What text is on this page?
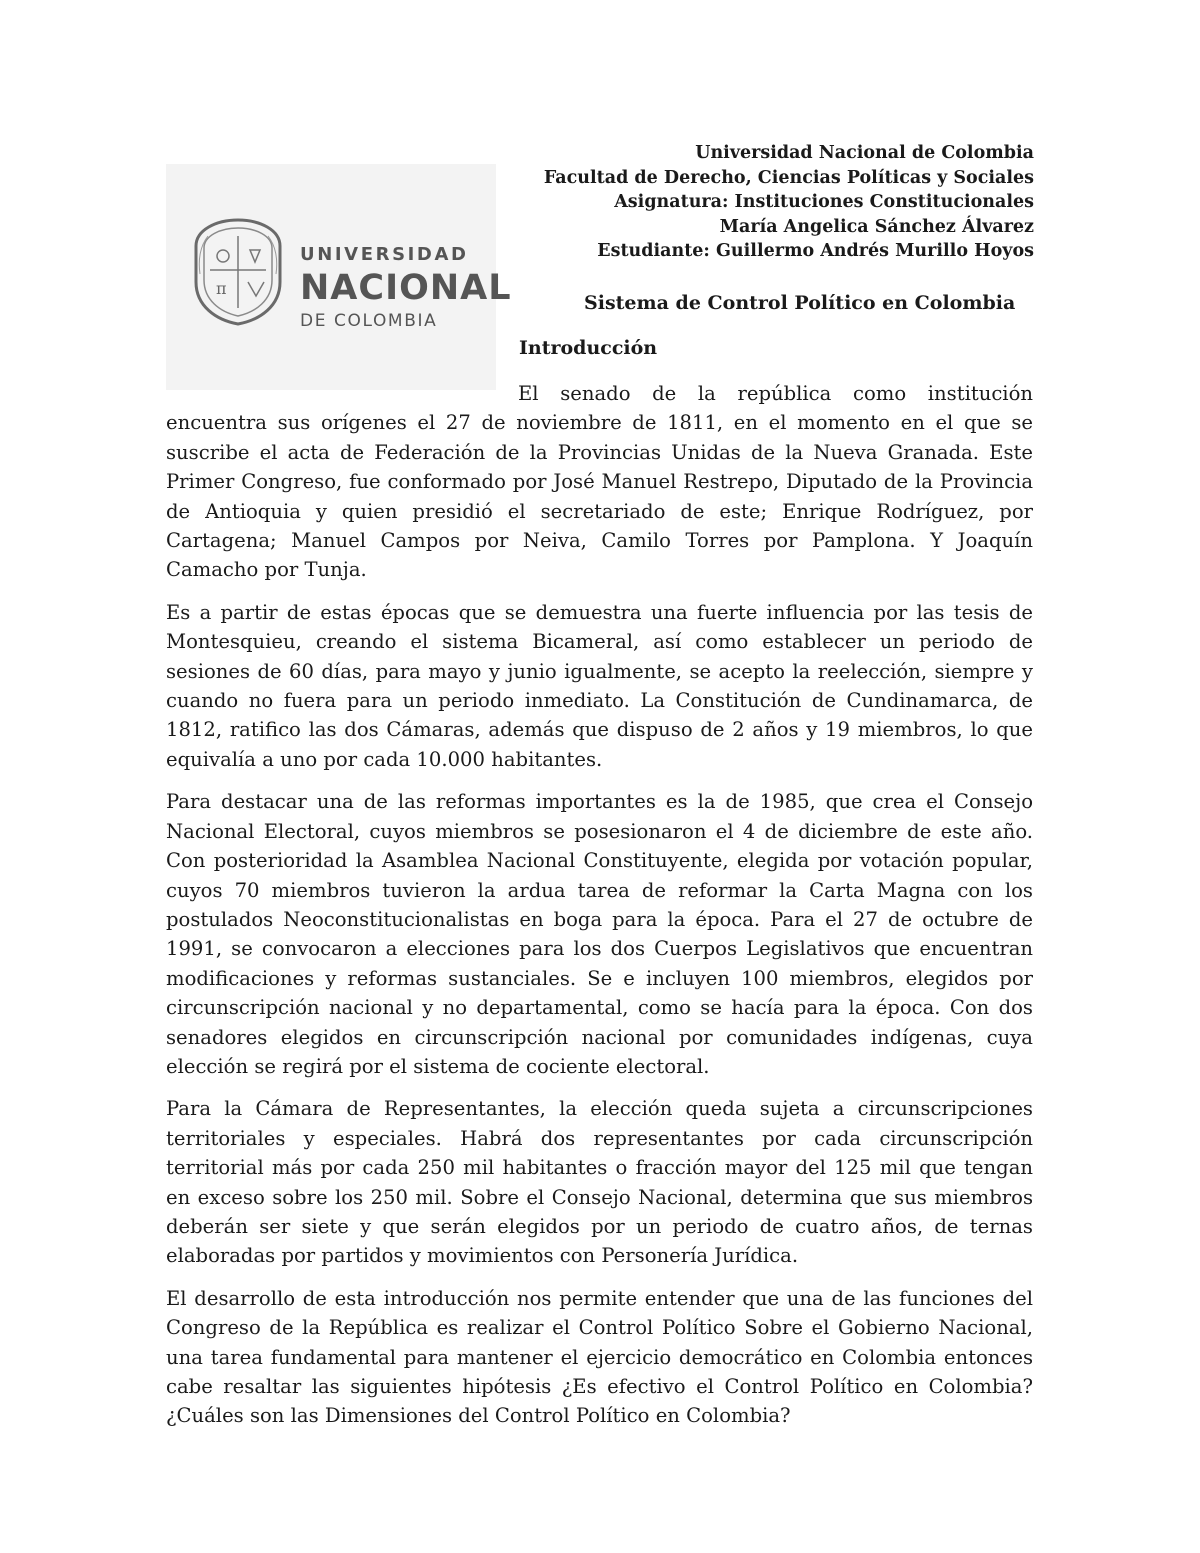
π
UNIVERSIDAD
NACIONAL
DE COLOMBIA
Universidad Nacional de Colombia
Facultad de Derecho, Ciencias Políticas y Sociales
Asignatura: Instituciones Constitucionales
María Angelica Sánchez Álvarez
Estudiante: Guillermo Andrés Murillo Hoyos
Sistema de Control Político en Colombia
Introducción

El senado de la república como institución encuentra sus orígenes el 27 de noviembre de 1811, en el momento en el que se suscribe el acta de Federación de la Provincias Unidas de la Nueva Granada. Este Primer Congreso, fue conformado por José Manuel Restrepo, Diputado de la Provincia de Antioquia y quien presidió el secretariado de este; Enrique Rodríguez, por Cartagena; Manuel Campos por Neiva, Camilo Torres por Pamplona. Y Joaquín Camacho por Tunja.

Es a partir de estas épocas que se demuestra una fuerte influencia por las tesis de Montesquieu, creando el sistema Bicameral, así como establecer un periodo de sesiones de 60 días, para mayo y junio igualmente, se acepto la reelección, siempre y cuando no fuera para un periodo inmediato. La Constitución de Cundinamarca, de 1812, ratifico las dos Cámaras, además que dispuso de 2 años y 19 miembros, lo que equivalía a uno por cada 10.000 habitantes.

Para destacar una de las reformas importantes es la de 1985, que crea el Consejo Nacional Electoral, cuyos miembros se posesionaron el 4 de diciembre de este año. Con posterioridad la Asamblea Nacional Constituyente, elegida por votación popular, cuyos 70 miembros tuvieron la ardua tarea de reformar la Carta Magna con los postulados Neoconstitucionalistas en boga para la época. Para el 27 de octubre de 1991, se convocaron a elecciones para los dos Cuerpos Legislativos que encuentran modificaciones y reformas sustanciales. Se e incluyen 100 miembros, elegidos por circunscripción nacional y no departamental, como se hacía para la época. Con dos senadores elegidos en circunscripción nacional por comunidades indígenas, cuya elección se regirá por el sistema de cociente electoral.

Para la Cámara de Representantes, la elección queda sujeta a circunscripciones territoriales y especiales. Habrá dos representantes por cada circunscripción territorial más por cada 250 mil habitantes o fracción mayor del 125 mil que tengan en exceso sobre los 250 mil. Sobre el Consejo Nacional, determina que sus miembros deberán ser siete y que serán elegidos por un periodo de cuatro años, de ternas elaboradas por partidos y movimientos con Personería Jurídica.

El desarrollo de esta introducción nos permite entender que una de las funciones del Congreso de la República es realizar el Control Político Sobre el Gobierno Nacional, una tarea fundamental para mantener el ejercicio democrático en Colombia entonces cabe resaltar las siguientes hipótesis ¿Es efectivo el Control Político en Colombia? ¿Cuáles son las Dimensiones del Control Político en Colombia?
